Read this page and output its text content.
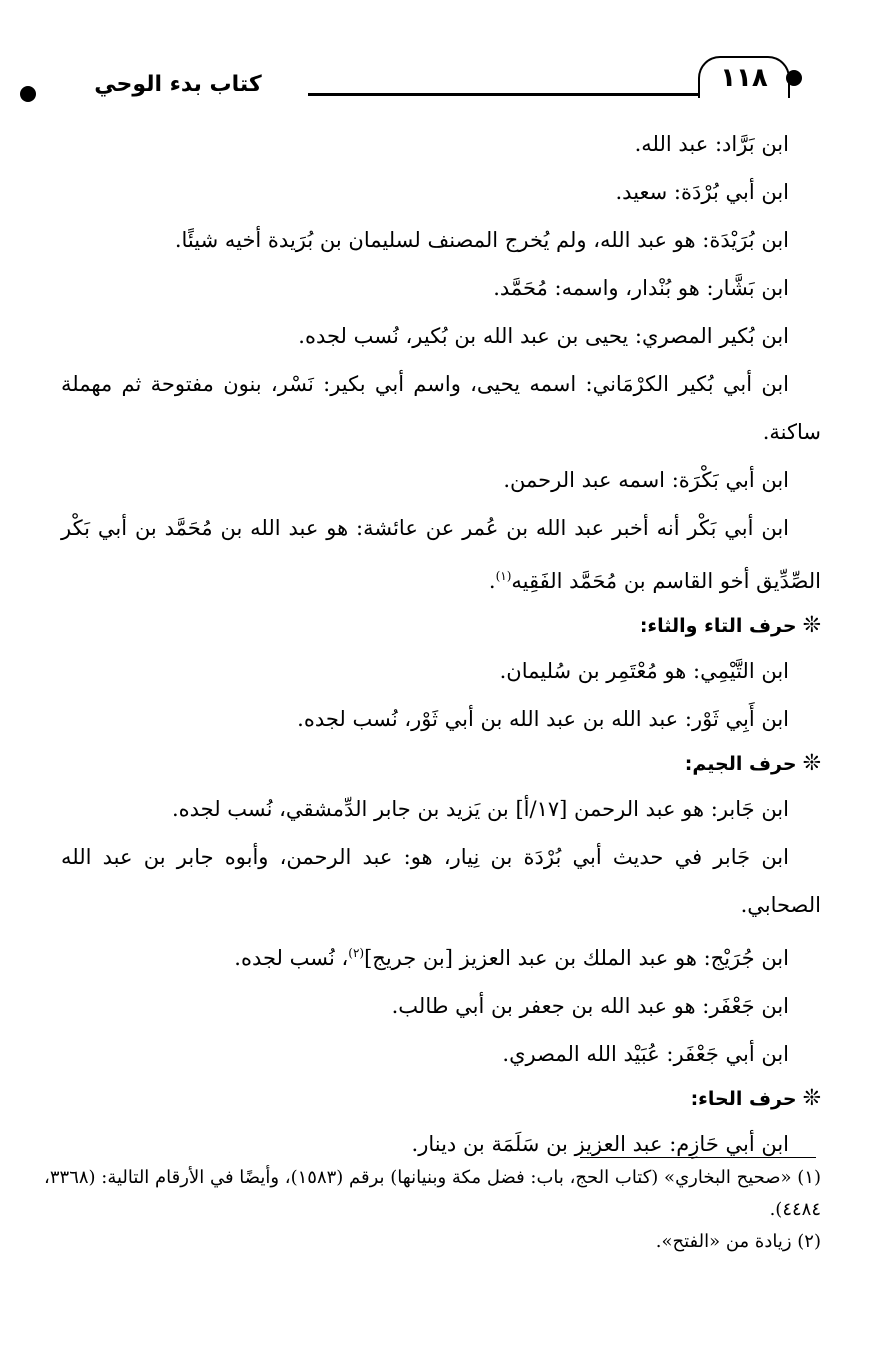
١١٨
كتاب بدء الوحي

ابن بَرَّاد: عبد الله.

ابن أبي بُرْدَة: سعيد.

ابن بُرَيْدَة: هو عبد الله، ولم يُخرج المصنف لسليمان بن بُرَيدة أخيه شيئًا.

ابن بَشَّار: هو بُنْدار، واسمه: مُحَمَّد.

ابن بُكير المصري: يحيى بن عبد الله بن بُكير، نُسب لجده.

ابن أبي بُكير الكرْمَاني: اسمه يحيى، واسم أبي بكير: نَسْر، بنون مفتوحة ثم مهملة ساكنة.

ابن أبي بَكْرَة: اسمه عبد الرحمن.

ابن أبي بَكْر أنه أخبر عبد الله بن عُمر عن عائشة: هو عبد الله بن مُحَمَّد بن أبي بَكْر الصِّدِّيق أخو القاسم بن مُحَمَّد الفَقِيه$^{(١)}$.

❊حرف التاء والثاء:

ابن التَّيْمِي: هو مُعْتَمِر بن سُليمان.

ابن أَبِي ثَوْر: عبد الله بن عبد الله بن أبي ثَوْر، نُسب لجده.

❊حرف الجيم:

ابن جَابر: هو عبد الرحمن [١٧/أ] بن يَزيد بن جابر الدِّمشقي، نُسب لجده.

ابن جَابر في حديث أبي بُرْدَة بن نِيار، هو: عبد الرحمن، وأبوه جابر بن عبد الله الصحابي.

ابن جُرَيْج: هو عبد الملك بن عبد العزيز [بن جريج]$^{(٢)}$، نُسب لجده.

ابن جَعْفَر: هو عبد الله بن جعفر بن أبي طالب.

ابن أبي جَعْفَر: عُبَيْد الله المصري.

❊حرف الحاء:

ابن أبي حَازِم: عبد العزيز بن سَلَمَة بن دينار.

(١) «صحيح البخاري» (كتاب الحج، باب: فضل مكة وبنيانها) برقم (١٥٨٣)، وأيضًا في الأرقام التالية: (٣٣٦٨، ٤٤٨٤).

(٢) زيادة من «الفتح».
